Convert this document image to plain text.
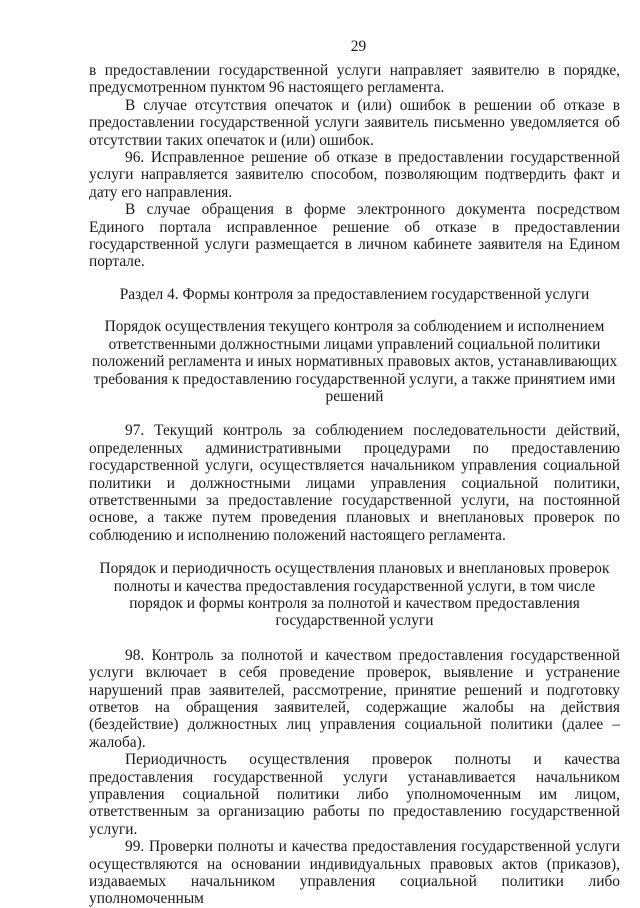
29

в предоставлении государственной услуги направляет заявителю в порядке, предусмотренном пунктом 96 настоящего регламента.

В случае отсутствия опечаток и (или) ошибок в решении об отказе в предоставлении государственной услуги заявитель письменно уведомляется об отсутствии таких опечаток и (или) ошибок.

96. Исправленное решение об отказе в предоставлении государственной услуги направляется заявителю способом, позволяющим подтвердить факт и дату его направления.

В случае обращения в форме электронного документа посредством Единого портала исправленное решение об отказе в предоставлении государственной услуги размещается в личном кабинете заявителя на Едином портале.

Раздел 4. Формы контроля за предоставлением государственной услуги
Порядок осуществления текущего контроля за соблюдением и исполнением ответственными должностными лицами управлений социальной политики положений регламента и иных нормативных правовых актов, устанавливающих требования к предоставлению государственной услуги, а также принятием ими решений

97. Текущий контроль за соблюдением последовательности действий, определенных административными процедурами по предоставлению государственной услуги, осуществляется начальником управления социальной политики и должностными лицами управления социальной политики, ответственными за предоставление государственной услуги, на постоянной основе, а также путем проведения плановых и внеплановых проверок по соблюдению и исполнению положений настоящего регламента.

Порядок и периодичность осуществления плановых и внеплановых проверок полноты и качества предоставления государственной услуги, в том числе порядок и формы контроля за полнотой и качеством предоставления государственной услуги

98. Контроль за полнотой и качеством предоставления государственной услуги включает в себя проведение проверок, выявление и устранение нарушений прав заявителей, рассмотрение, принятие решений и подготовку ответов на обращения заявителей, содержащие жалобы на действия (бездействие) должностных лиц управления социальной политики (далее – жалоба).

Периодичность осуществления проверок полноты и качества предоставления государственной услуги устанавливается начальником управления социальной политики либо уполномоченным им лицом, ответственным за организацию работы по предоставлению государственной услуги.

99. Проверки полноты и качества предоставления государственной услуги осуществляются на основании индивидуальных правовых актов (приказов), издаваемых начальником управления социальной политики либо уполномоченным
